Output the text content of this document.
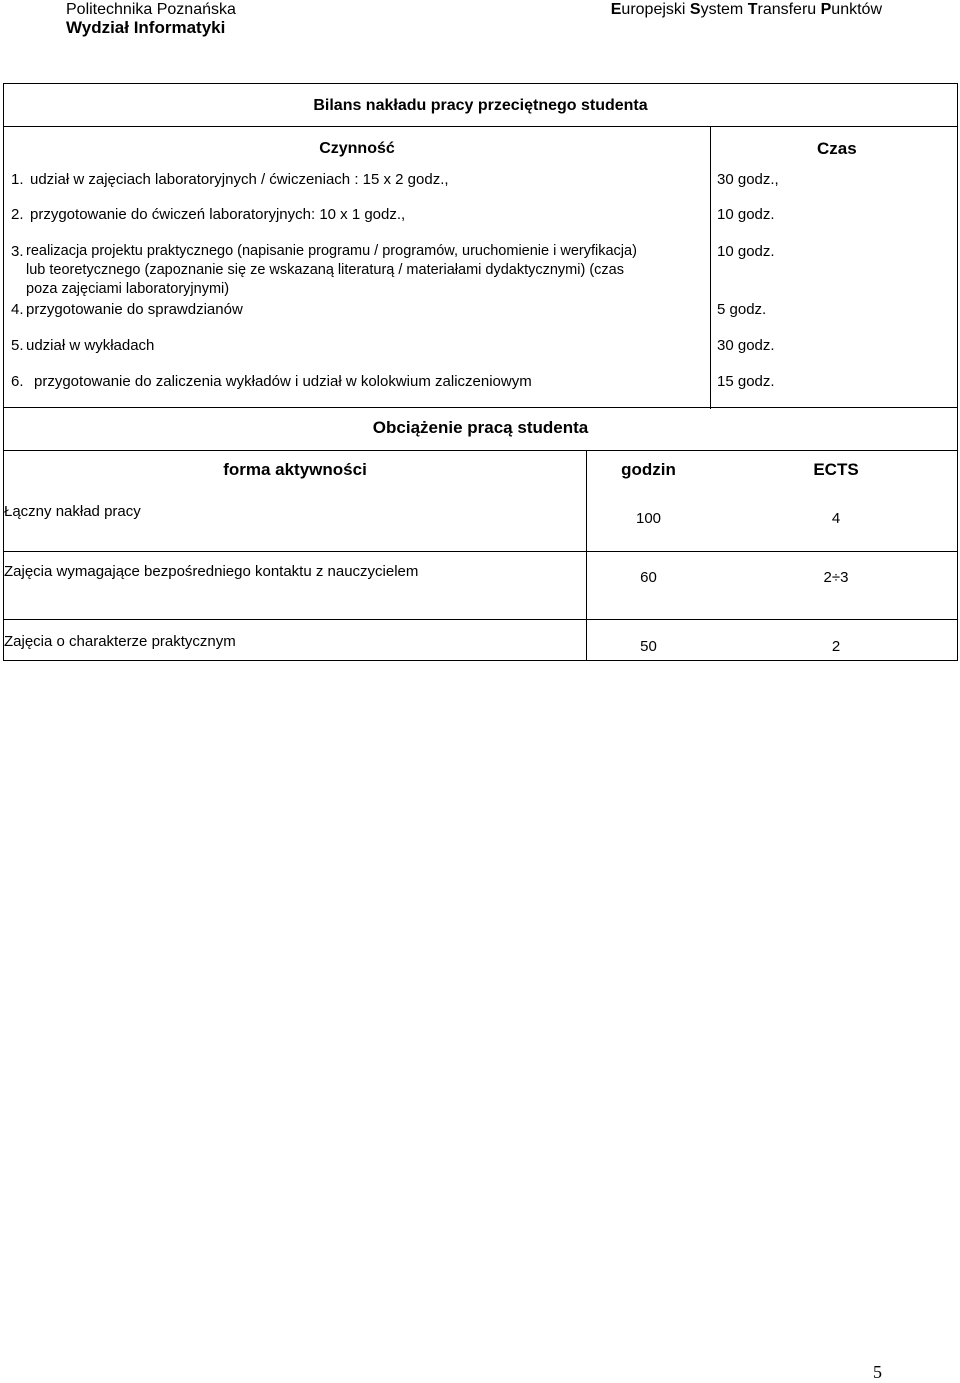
Politechnika Poznańska
Wydział Informatyki
Europejski System Transferu Punktów
Bilans nakładu pracy przeciętnego studenta
Czynność	Czas
1. udział w zajęciach laboratoryjnych / ćwiczeniach : 15 x 2 godz.,	30 godz.,
2. przygotowanie do ćwiczeń laboratoryjnych: 10 x 1 godz.,	10 godz.
3. realizacja projektu praktycznego (napisanie programu / programów, uruchomienie i weryfikacja)
lub teoretycznego (zapoznanie się ze wskazaną literaturą / materiałami dydaktycznymi) (czas
poza zajęciami laboratoryjnymi)
10 godz.
4. przygotowanie do sprawdzianów	5 godz.
5. udział w wykładach	30 godz.
6. przygotowanie do zaliczenia wykładów i udział w kolokwium zaliczeniowym	15 godz.
Obciążenie pracą studenta
forma aktywności	godzin	ECTS
Łączny nakład pracy	100	4
Zajęcia wymagające bezpośredniego kontaktu z nauczycielem	60	2÷3
Zajęcia o charakterze praktycznym	50	2
5
